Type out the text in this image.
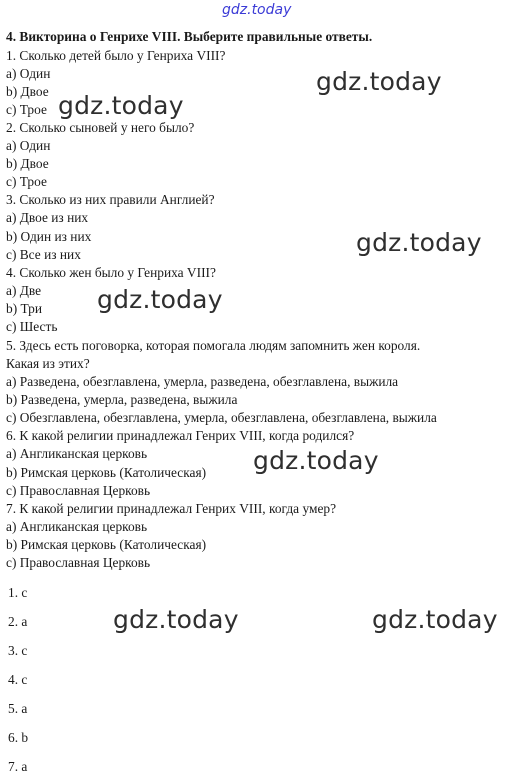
gdz.today
4. Викторина о Генрихе VIII. Выберите правильные ответы.
1. Сколько детей было у Генриха VIII?
a) Один
b) Двое
c) Трое
2. Сколько сыновей у него было?
a) Один
b) Двое
c) Трое
3. Сколько из них правили Англией?
a) Двое из них
b) Один из них
c) Все из них
4. Сколько жен было у Генриха VIII?
a) Две
b) Три
c) Шесть
5. Здесь есть поговорка, которая помогала людям запомнить жен короля.
Какая из этих?
a) Разведена, обезглавлена, умерла, разведена, обезглавлена, выжила
b) Разведена, умерла, разведена, выжила
c) Обезглавлена, обезглавлена, умерла, обезглавлена, обезглавлена, выжила
6. К какой религии принадлежал Генрих VIII, когда родился?
a) Англиканская церковь
b) Римская церковь (Католическая)
c) Православная Церковь
7. К какой религии принадлежал Генрих VIII, когда умер?
a) Англиканская церковь
b) Римская церковь (Католическая)
c) Православная Церковь
1. c
2. a
3. c
4. c
5. a
6. b
7. a
gdz.today
gdz.today
gdz.today
gdz.today
gdz.today
gdz.today	gdz.today
